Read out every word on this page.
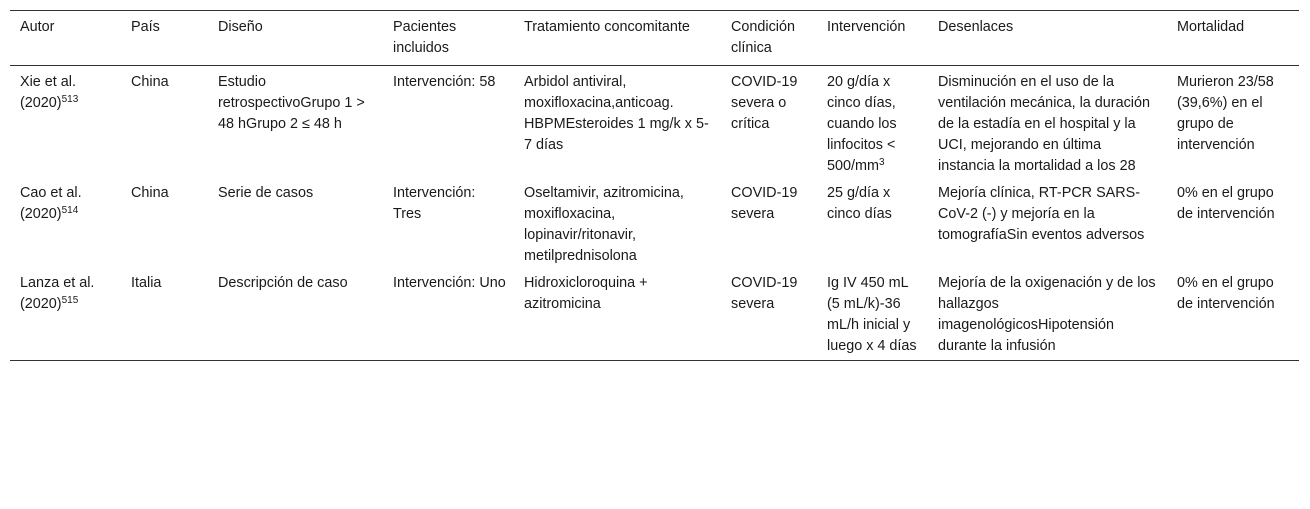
Autor	País	Diseño	Pacientes incluidos	Tratamiento concomitante	Condición clínica	Intervención	Desenlaces	Mortalidad
Xie et al. $(2020)^{513}$	China	Estudio retrospectivoGrupo 1 > 48 hGrupo 2 ≤ 48 h	Intervención: 58	Arbidol antiviral, moxifloxacina,anticoag. HBPMEsteroides 1 mg/k x 5-7 días	COVID-19 severa o crítica	20 g/día x cinco días, cuando los linfocitos < $500/mm^3$	Disminución en el uso de la ventilación mecánica, la duración de la estadía en el hospital y la UCI, mejorando en última instancia la mortalidad a los 28	Murieron 23/58 (39,6%) en el grupo de intervención
Cao et al. $(2020)^{514}$	China	Serie de casos	Intervención: Tres	Oseltamivir, azitromicina, moxifloxacina, lopinavir/ritonavir, metilprednisolona	COVID-19 severa	25 g/día x cinco días	Mejoría clínica, RT-PCR SARS- CoV-2 (-) y mejoría en la tomografíaSin eventos adversos	0% en el grupo de intervención
Lanza et al. $(2020)^{515}$	Italia	Descripción de caso	Intervención: Uno	Hidroxicloroquina + azitromicina	COVID-19 severa	Ig IV 450 mL (5 mL/k)-36 mL/h inicial y luego x 4 días	Mejoría de la oxigenación y de los hallazgos imagenológicosHipotensión durante la infusión	0% en el grupo de intervención
